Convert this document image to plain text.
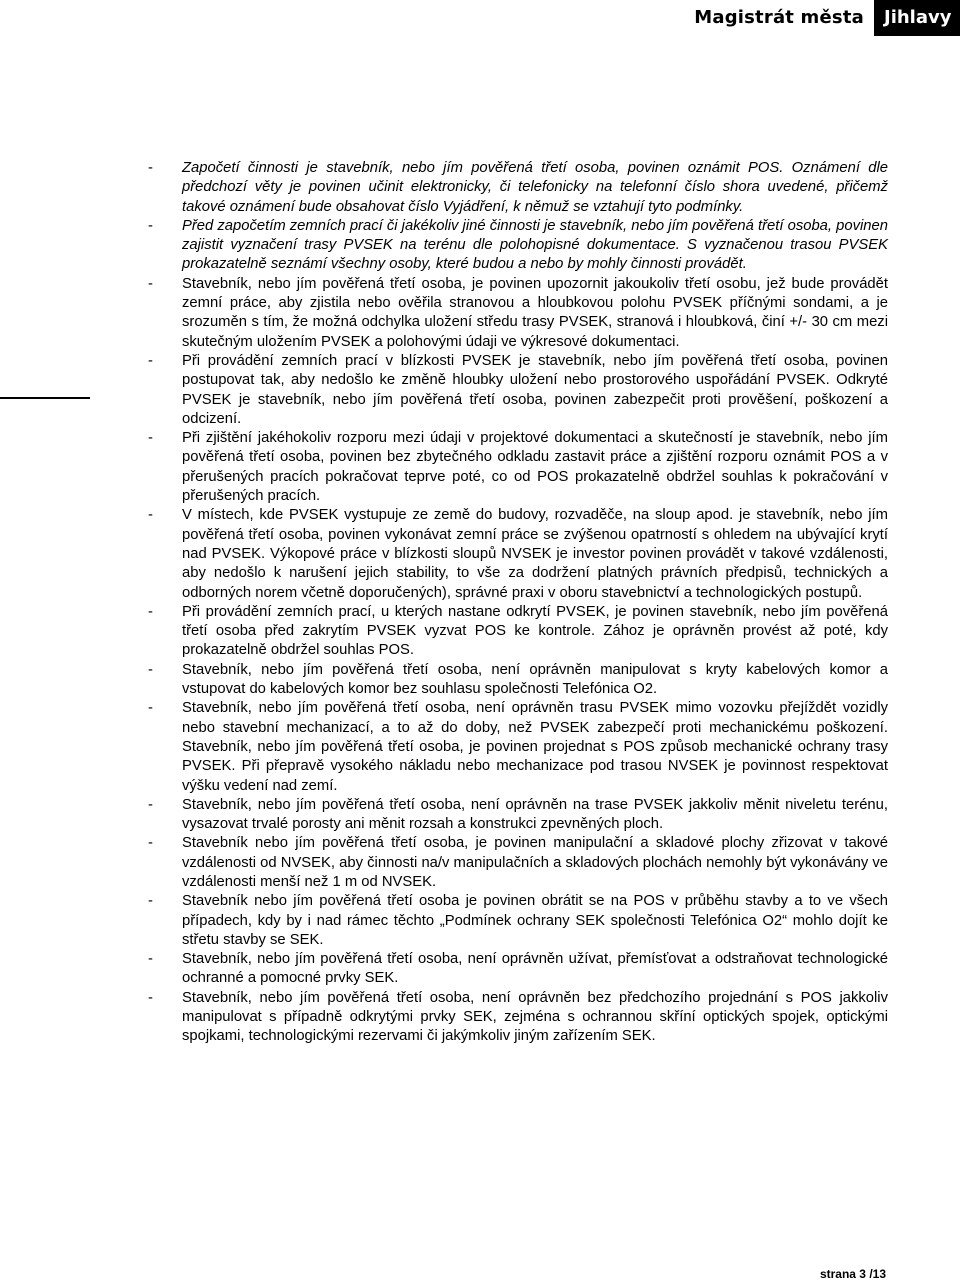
Magistrát města	Jihlavy
- Započetí činnosti je stavebník, nebo jím pověřená třetí osoba, povinen oznámit POS. Oznámení dle předchozí věty je povinen učinit elektronicky, či telefonicky na telefonní číslo shora uvedené, přičemž takové oznámení bude obsahovat číslo Vyjádření, k němuž se vztahují tyto podmínky.
- Před započetím zemních prací či jakékoliv jiné činnosti je stavebník, nebo jím pověřená třetí osoba, povinen zajistit vyznačení trasy PVSEK na terénu dle polohopisné dokumentace. S vyznačenou trasou PVSEK prokazatelně seznámí všechny osoby, které budou a nebo by mohly činnosti provádět.
- Stavebník, nebo jím pověřená třetí osoba, je povinen upozornit jakoukoliv třetí osobu, jež bude provádět zemní práce, aby zjistila nebo ověřila stranovou a hloubkovou polohu PVSEK příčnými sondami, a je srozuměn s tím, že možná odchylka uložení středu trasy PVSEK, stranová i hloubková, činí +/- 30 cm mezi skutečným uložením PVSEK a polohovými údaji ve výkresové dokumentaci.
- Při provádění zemních prací v blízkosti PVSEK je stavebník, nebo jím pověřená třetí osoba, povinen postupovat tak, aby nedošlo ke změně hloubky uložení nebo prostorového uspořádání PVSEK. Odkryté PVSEK je stavebník, nebo jím pověřená třetí osoba, povinen zabezpečit proti prověšení, poškození a odcizení.
- Při zjištění jakéhokoliv rozporu mezi údaji v projektové dokumentaci a skutečností je stavebník, nebo jím pověřená třetí osoba, povinen bez zbytečného odkladu zastavit práce a zjištění rozporu oznámit POS a v přerušených pracích pokračovat teprve poté, co od POS prokazatelně obdržel souhlas k pokračování v přerušených pracích.
- V místech, kde PVSEK vystupuje ze země do budovy, rozvaděče, na sloup apod. je stavebník, nebo jím pověřená třetí osoba, povinen vykonávat zemní práce se zvýšenou opatrností s ohledem na ubývající krytí nad PVSEK. Výkopové práce v blízkosti sloupů NVSEK je investor povinen provádět v takové vzdálenosti, aby nedošlo k narušení jejich stability, to vše za dodržení platných právních předpisů, technických a odborných norem včetně doporučených), správné praxi v oboru stavebnictví a technologických postupů.
- Při provádění zemních prací, u kterých nastane odkrytí PVSEK, je povinen stavebník, nebo jím pověřená třetí osoba před zakrytím PVSEK vyzvat POS ke kontrole. Zához je oprávněn provést až poté, kdy prokazatelně obdržel souhlas POS.
- Stavebník, nebo jím pověřená třetí osoba, není oprávněn manipulovat s kryty kabelových komor a vstupovat do kabelových komor bez souhlasu společnosti Telefónica O2.
- Stavebník, nebo jím pověřená třetí osoba, není oprávněn trasu PVSEK mimo vozovku přejíždět vozidly nebo stavební mechanizací, a to až do doby, než PVSEK zabezpečí proti mechanickému poškození. Stavebník, nebo jím pověřená třetí osoba, je povinen projednat s POS způsob mechanické ochrany trasy PVSEK. Při přepravě vysokého nákladu nebo mechanizace pod trasou NVSEK je povinnost respektovat výšku vedení nad zemí.
- Stavebník, nebo jím pověřená třetí osoba, není oprávněn na trase PVSEK jakkoliv měnit niveletu terénu, vysazovat trvalé porosty ani měnit rozsah a konstrukci zpevněných ploch.
- Stavebník nebo jím pověřená třetí osoba, je povinen manipulační a skladové plochy zřizovat v takové vzdálenosti od NVSEK, aby činnosti na/v manipulačních a skladových plochách nemohly být vykonávány ve vzdálenosti menší než 1 m od NVSEK.
- Stavebník nebo jím pověřená třetí osoba je povinen obrátit se na POS v průběhu stavby a to ve všech případech, kdy by i nad rámec těchto „Podmínek ochrany SEK společnosti Telefónica O2“ mohlo dojít ke střetu stavby se SEK.
- Stavebník, nebo jím pověřená třetí osoba, není oprávněn užívat, přemísťovat a odstraňovat technologické ochranné a pomocné prvky SEK.
- Stavebník, nebo jím pověřená třetí osoba, není oprávněn bez předchozího projednání s POS jakkoliv manipulovat s případně odkrytými prvky SEK, zejména s ochrannou skříní optických spojek, optickými spojkami, technologickými rezervami či jakýmkoliv jiným zařízením SEK.
strana 3 /13
